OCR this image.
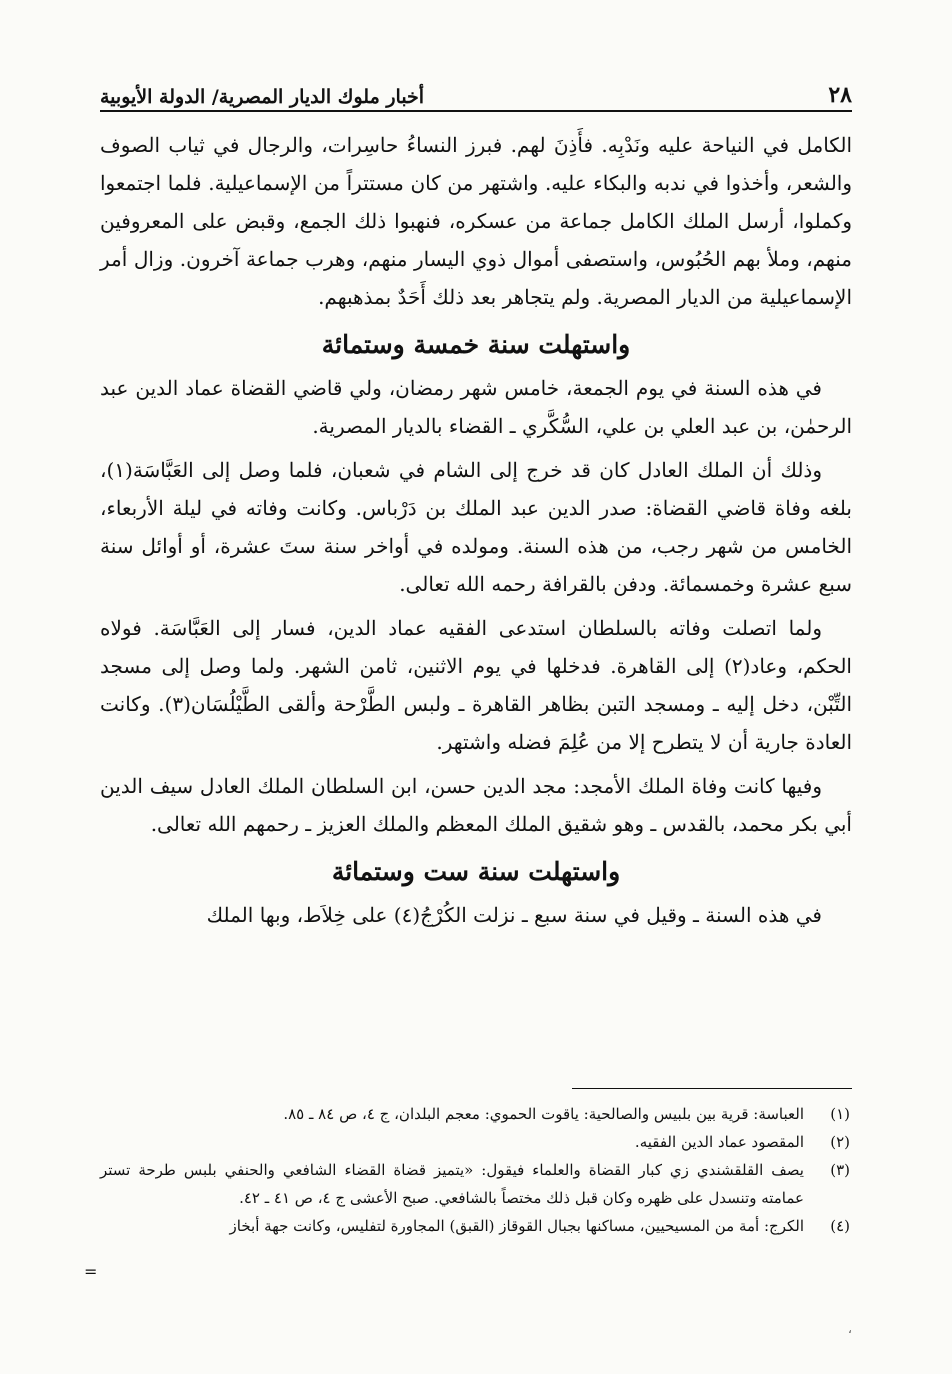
٢٨
أخبار ملوك الديار المصرية/ الدولة الأيوبية

الكامل في النياحة عليه ونَدْبِه. فأَذِنَ لهم. فبرز النساءُ حاسِرات، والرجال في ثياب الصوف والشعر، وأخذوا في ندبه والبكاء عليه. واشتهر من كان مستتراً من الإسماعيلية. فلما اجتمعوا وكملوا، أرسل الملك الكامل جماعة من عسكره، فنهبوا ذلك الجمع، وقبض على المعروفين منهم، وملأ بهم الحُبُوس، واستصفى أموال ذوي اليسار منهم، وهرب جماعة آخرون. وزال أمر الإسماعيلية من الديار المصرية. ولم يتجاهر بعد ذلك أَحَدٌ بمذهبهم.

واستهلت سنة خمسة وستمائة

في هذه السنة في يوم الجمعة، خامس شهر رمضان، ولي قاضي القضاة عماد الدين عبد الرحمٰن، بن عبد العلي بن علي، السُّكَّري ـ القضاء بالديار المصرية.

وذلك أن الملك العادل كان قد خرج إلى الشام في شعبان، فلما وصل إلى العَبَّاسَة(١)، بلغه وفاة قاضي القضاة: صدر الدين عبد الملك بن دَرْباس. وكانت وفاته في ليلة الأربعاء، الخامس من شهر رجب، من هذه السنة. ومولده في أواخر سنة ستَ عشرة، أو أوائل سنة سبع عشرة وخمسمائة. ودفن بالقرافة رحمه الله تعالى.

ولما اتصلت وفاته بالسلطان استدعى الفقيه عماد الدين، فسار إلى العَبَّاسَة. فولاه الحكم، وعاد(٢) إلى القاهرة. فدخلها في يوم الاثنين، ثامن الشهر. ولما وصل إلى مسجد التِّبْن، دخل إليه ـ ومسجد التبن بظاهر القاهرة ـ ولبس الطَّرْحة وألقى الطَّيْلُسَان(٣). وكانت العادة جارية أن لا يتطرح إلا من عُلِمَ فضله واشتهر.

وفيها كانت وفاة الملك الأمجد: مجد الدين حسن، ابن السلطان الملك العادل سيف الدين أبي بكر محمد، بالقدس ـ وهو شقيق الملك المعظم والملك العزيز ـ رحمهم الله تعالى.

واستهلت سنة ست وستمائة

في هذه السنة ـ وقيل في سنة سبع ـ نزلت الكُرْجُ(٤) على خِلاَط، وبها الملك

(١)
العباسة: قرية بين بلبيس والصالحية: ياقوت الحموي: معجم البلدان، ج ٤، ص ٨٤ ـ ٨٥.

(٢)
المقصود عماد الدين الفقيه.

(٣)
يصف القلقشندي زي كبار القضاة والعلماء فيقول: «يتميز قضاة القضاء الشافعي والحنفي بلبس طرحة تستر عمامته وتنسدل على ظهره وكان قبل ذلك مختصاً بالشافعي. صبح الأعشى ج ٤، ص ٤١ ـ ٤٢.

(٤)
الكرج: أمة من المسيحيين، مساكنها بجبال القوقاز (القبق) المجاورة لتفليس، وكانت جهة أبخاز

=
،
